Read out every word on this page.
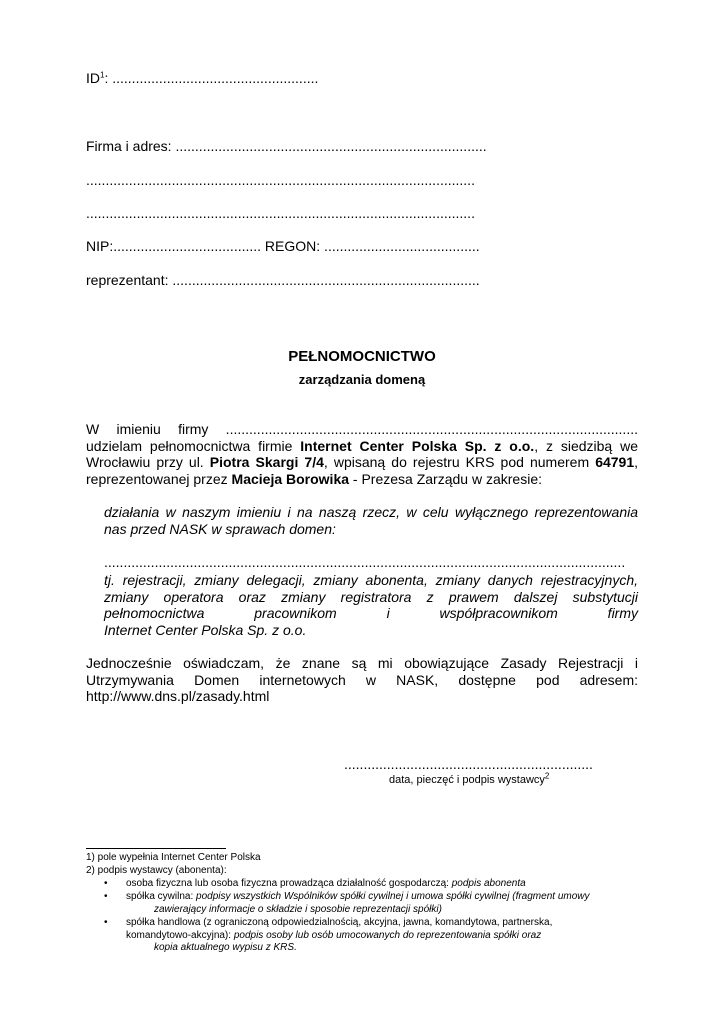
$ID^1$: .....................................................
Firma i adres: ................................................................................
....................................................................................................
....................................................................................................
NIP:...................................... REGON: ........................................
reprezentant: ...............................................................................
PEŁNOMOCNICTWO
zarządzania domeną
W imieniu firmy ..........................................................................................................
udzielam pełnomocnictwa firmie Internet Center Polska Sp. z o.o., z siedzibą we
Wrocławiu przy ul. Piotra Skargi 7/4, wpisaną do rejestru KRS pod numerem 64791,
reprezentowanej przez Macieja Borowika - Prezesa Zarządu w zakresie:
działania w naszym imieniu i na naszą rzecz, w celu wyłącznego reprezentowania
nas przed NASK w sprawach domen:
......................................................................................................................................
tj. rejestracji, zmiany delegacji, zmiany abonenta, zmiany danych rejestracyjnych,
zmiany operatora oraz zmiany registratora z prawem dalszej substytucji
pełnomocnictwa pracownikom i współpracownikom firmy
Internet Center Polska Sp. z o.o.
Jednocześnie oświadczam, że znane są mi obowiązujące Zasady Rejestracji i
Utrzymywania Domen internetowych w NASK, dostępne pod adresem:
http://www.dns.pl/zasady.html
................................................................
data, pieczęć i podpis wystawcy$^2$
1) pole wypełnia Internet Center Polska
2) podpis wystawcy (abonenta):
• osoba fizyczna lub osoba fizyczna prowadząca działalność gospodarczą: podpis abonenta
• spółka cywilna: podpisy wszystkich Wspólników spółki cywilnej i umowa spółki cywilnej (fragment umowy
zawierający informacje o składzie i sposobie reprezentacji spółki)
• spółka handlowa (z ograniczoną odpowiedzialnością, akcyjna, jawna, komandytowa, partnerska,
komandytowo-akcyjna): podpis osoby lub osób umocowanych do reprezentowania spółki oraz
kopia aktualnego wypisu z KRS.
